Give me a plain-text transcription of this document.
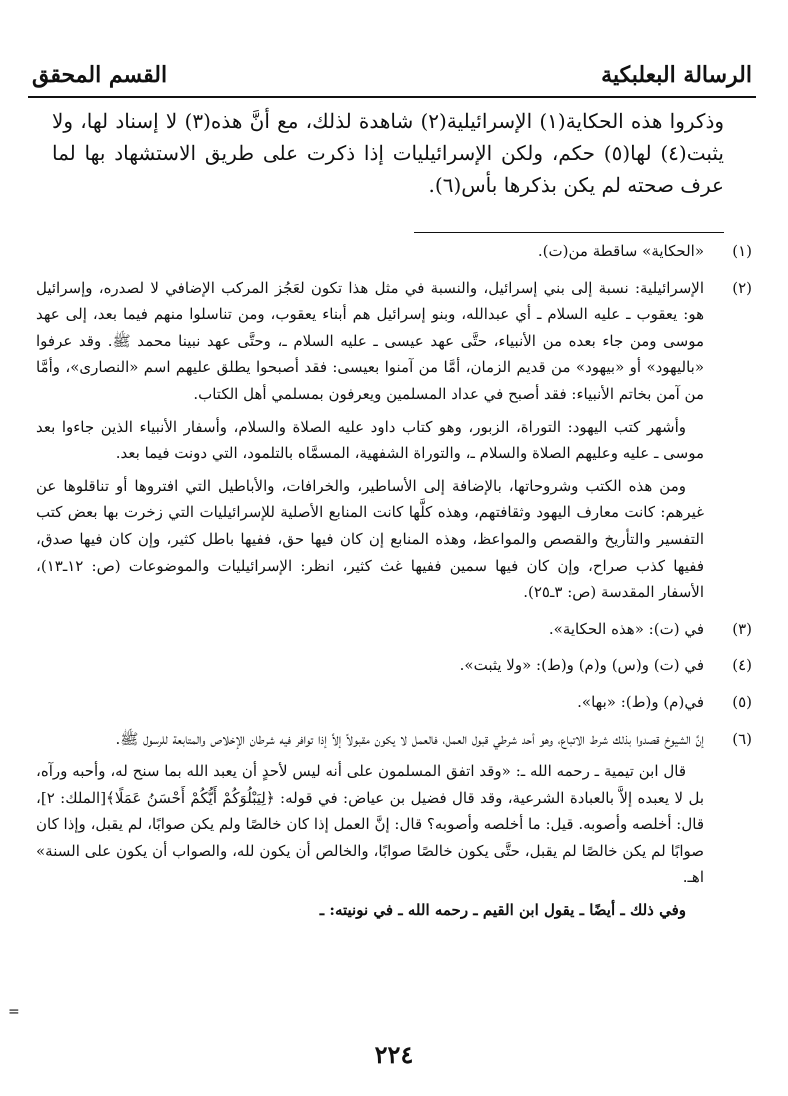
الرسالة البعلبكية
القسم المحقق

وذكروا هذه الحكاية(١) الإسرائيلية(٢) شاهدة لذلك، مع أنَّ هذه(٣) لا إسناد لها، ولا يثبت(٤) لها(٥) حكم، ولكن الإسرائيليات إذا ذكرت على طريق الاستشهاد بها لما عرف صحته لم يكن بذكرها بأس(٦).

(١)

«الحكاية» ساقطة من(ت).

(٢)

الإسرائيلية: نسبة إلى بني إسرائيل، والنسبة في مثل هذا تكون لعَجُز المركب الإضافي لا لصدره، وإسرائيل هو: يعقوب ـ عليه السلام ـ أي عبدالله، وبنو إسرائيل هم أبناء يعقوب، ومن تناسلوا منهم فيما بعد، إلى عهد موسى ومن جاء بعده من الأنبياء، حتَّى عهد عيسى ـ عليه السلام ـ، وحتَّى عهد نبينا محمد ﷺ. وقد عرفوا «باليهود» أو «بيهود» من قديم الزمان، أمَّا من آمنوا بعيسى: فقد أصبحوا يطلق عليهم اسم «النصارى»، وأمَّا من آمن بخاتم الأنبياء: فقد أصبح في عداد المسلمين ويعرفون بمسلمي أهل الكتاب.

وأشهر كتب اليهود: التوراة، الزبور، وهو كتاب داود عليه الصلاة والسلام، وأسفار الأنبياء الذين جاءوا بعد موسى ـ عليه وعليهم الصلاة والسلام ـ، والتوراة الشفهية، المسمَّاه بالتلمود، التي دونت فيما بعد.

ومن هذه الكتب وشروحاتها، بالإضافة إلى الأساطير، والخرافات، والأباطيل التي افتروها أو تناقلوها عن غيرهم: كانت معارف اليهود وثقافتهم، وهذه كلَّها كانت المنابع الأصلية للإسرائيليات التي زخرت بها بعض كتب التفسير والتأريخ والقصص والمواعظ، وهذه المنابع إن كان فيها حق، ففيها باطل كثير، وإن كان فيها صدق، ففيها كذب صراح، وإن كان فيها سمين ففيها غث كثير، انظر: الإسرائيليات والموضوعات (ص: ١٢ـ١٣)، الأسفار المقدسة (ص: ٣ـ٢٥).

(٣)

في (ت): «هذه الحكاية».

(٤)

في (ت) و(س) و(م) و(ط): «ولا يثبت».

(٥)

في(م) و(ط): «بها».

(٦)

إنَّ الشيوخ قصدوا بذلك شرط الاتباع، وهو أحد شرطي قبول العمل، فالعمل لا يكون مقبولاً إلاَّ إذا توافر فيه شرطان الإخلاص والمتابعة للرسول ﷺ.

قال ابن تيمية ـ رحمه الله ـ: «وقد اتفق المسلمون على أنه ليس لأحدٍ أن يعبد الله بما سنح له، وأحبه ورآه، بل لا يعبده إلاَّ بالعبادة الشرعية، وقد قال فضيل بن عياض: في قوله: ﴿لِيَبْلُوَكُمْ أَيُّكُمْ أَحْسَنُ عَمَلًا﴾[الملك: ٢]، قال: أخلصه وأصوبه. قيل: ما أخلصه وأصوبه؟ قال: إنَّ العمل إذا كان خالصًا ولم يكن صوابًا، لم يقبل، وإذا كان صوابًا لم يكن خالصًا لم يقبل، حتَّى يكون خالصًا صوابًا، والخالص أن يكون لله، والصواب أن يكون على السنة» اهـ.

وفي ذلك ـ أيضًا ـ يقول ابن القيم ـ رحمه الله ـ في نونيته: ـ

=
٢٢٤
